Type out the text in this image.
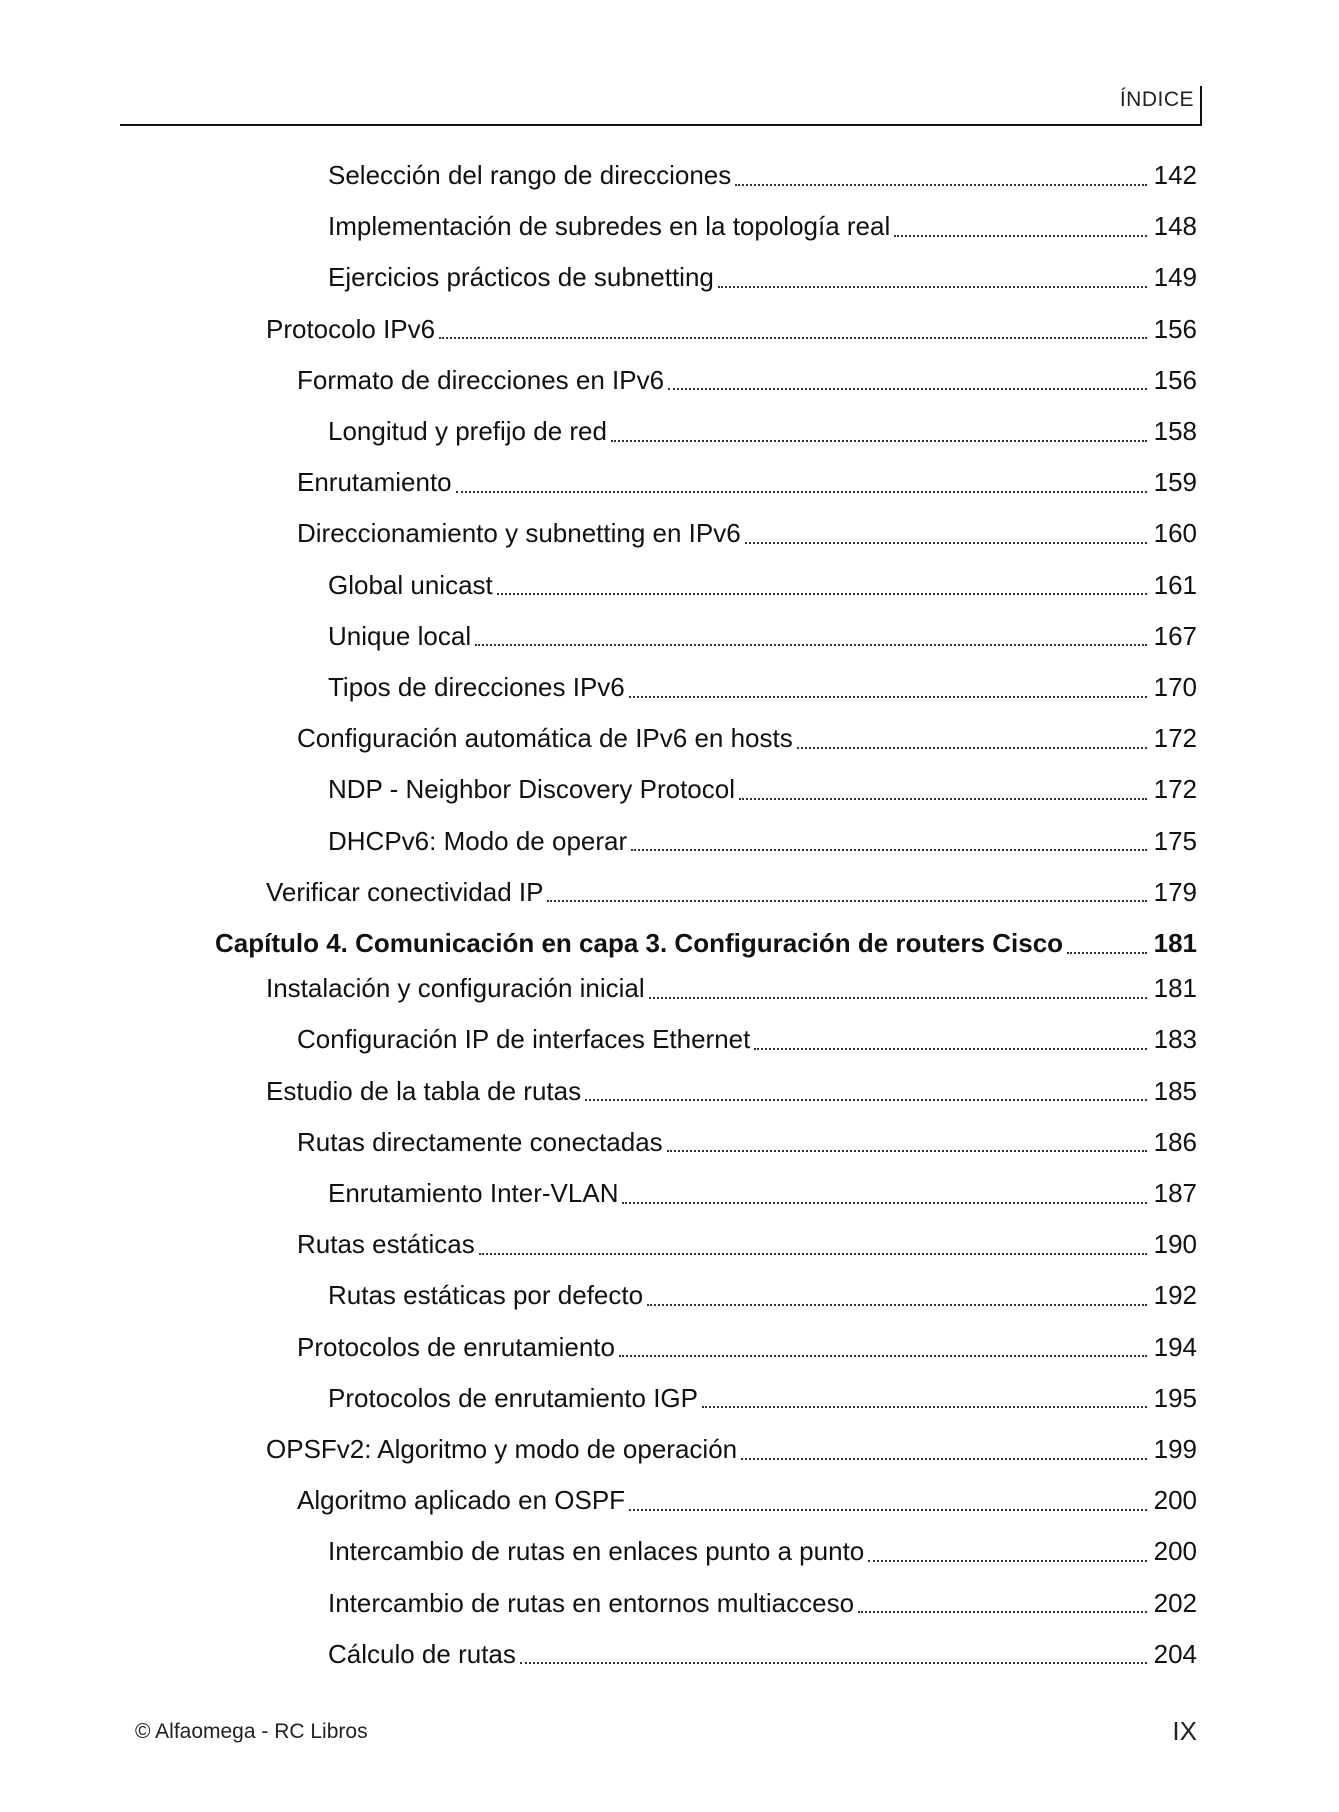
ÍNDICE
Selección del rango de direcciones	142
Implementación de subredes en la topología real	148
Ejercicios prácticos de subnetting	149
Protocolo IPv6	156
Formato de direcciones en IPv6	156
Longitud y prefijo de red	158
Enrutamiento	159
Direccionamiento y subnetting en IPv6	160
Global unicast	161
Unique local	167
Tipos de direcciones IPv6	170
Configuración automática de IPv6 en hosts	172
NDP - Neighbor Discovery Protocol	172
DHCPv6: Modo de operar	175
Verificar conectividad IP	179
Capítulo 4. Comunicación en capa 3. Configuración de routers Cisco	181
Instalación y configuración inicial	181
Configuración IP de interfaces Ethernet	183
Estudio de la tabla de rutas	185
Rutas directamente conectadas	186
Enrutamiento Inter-VLAN	187
Rutas estáticas	190
Rutas estáticas por defecto	192
Protocolos de enrutamiento	194
Protocolos de enrutamiento IGP	195
OPSFv2: Algoritmo y modo de operación	199
Algoritmo aplicado en OSPF	200
Intercambio de rutas en enlaces punto a punto	200
Intercambio de rutas en entornos multiacceso	202
Cálculo de rutas	204
© Alfaomega - RC Libros	IX
